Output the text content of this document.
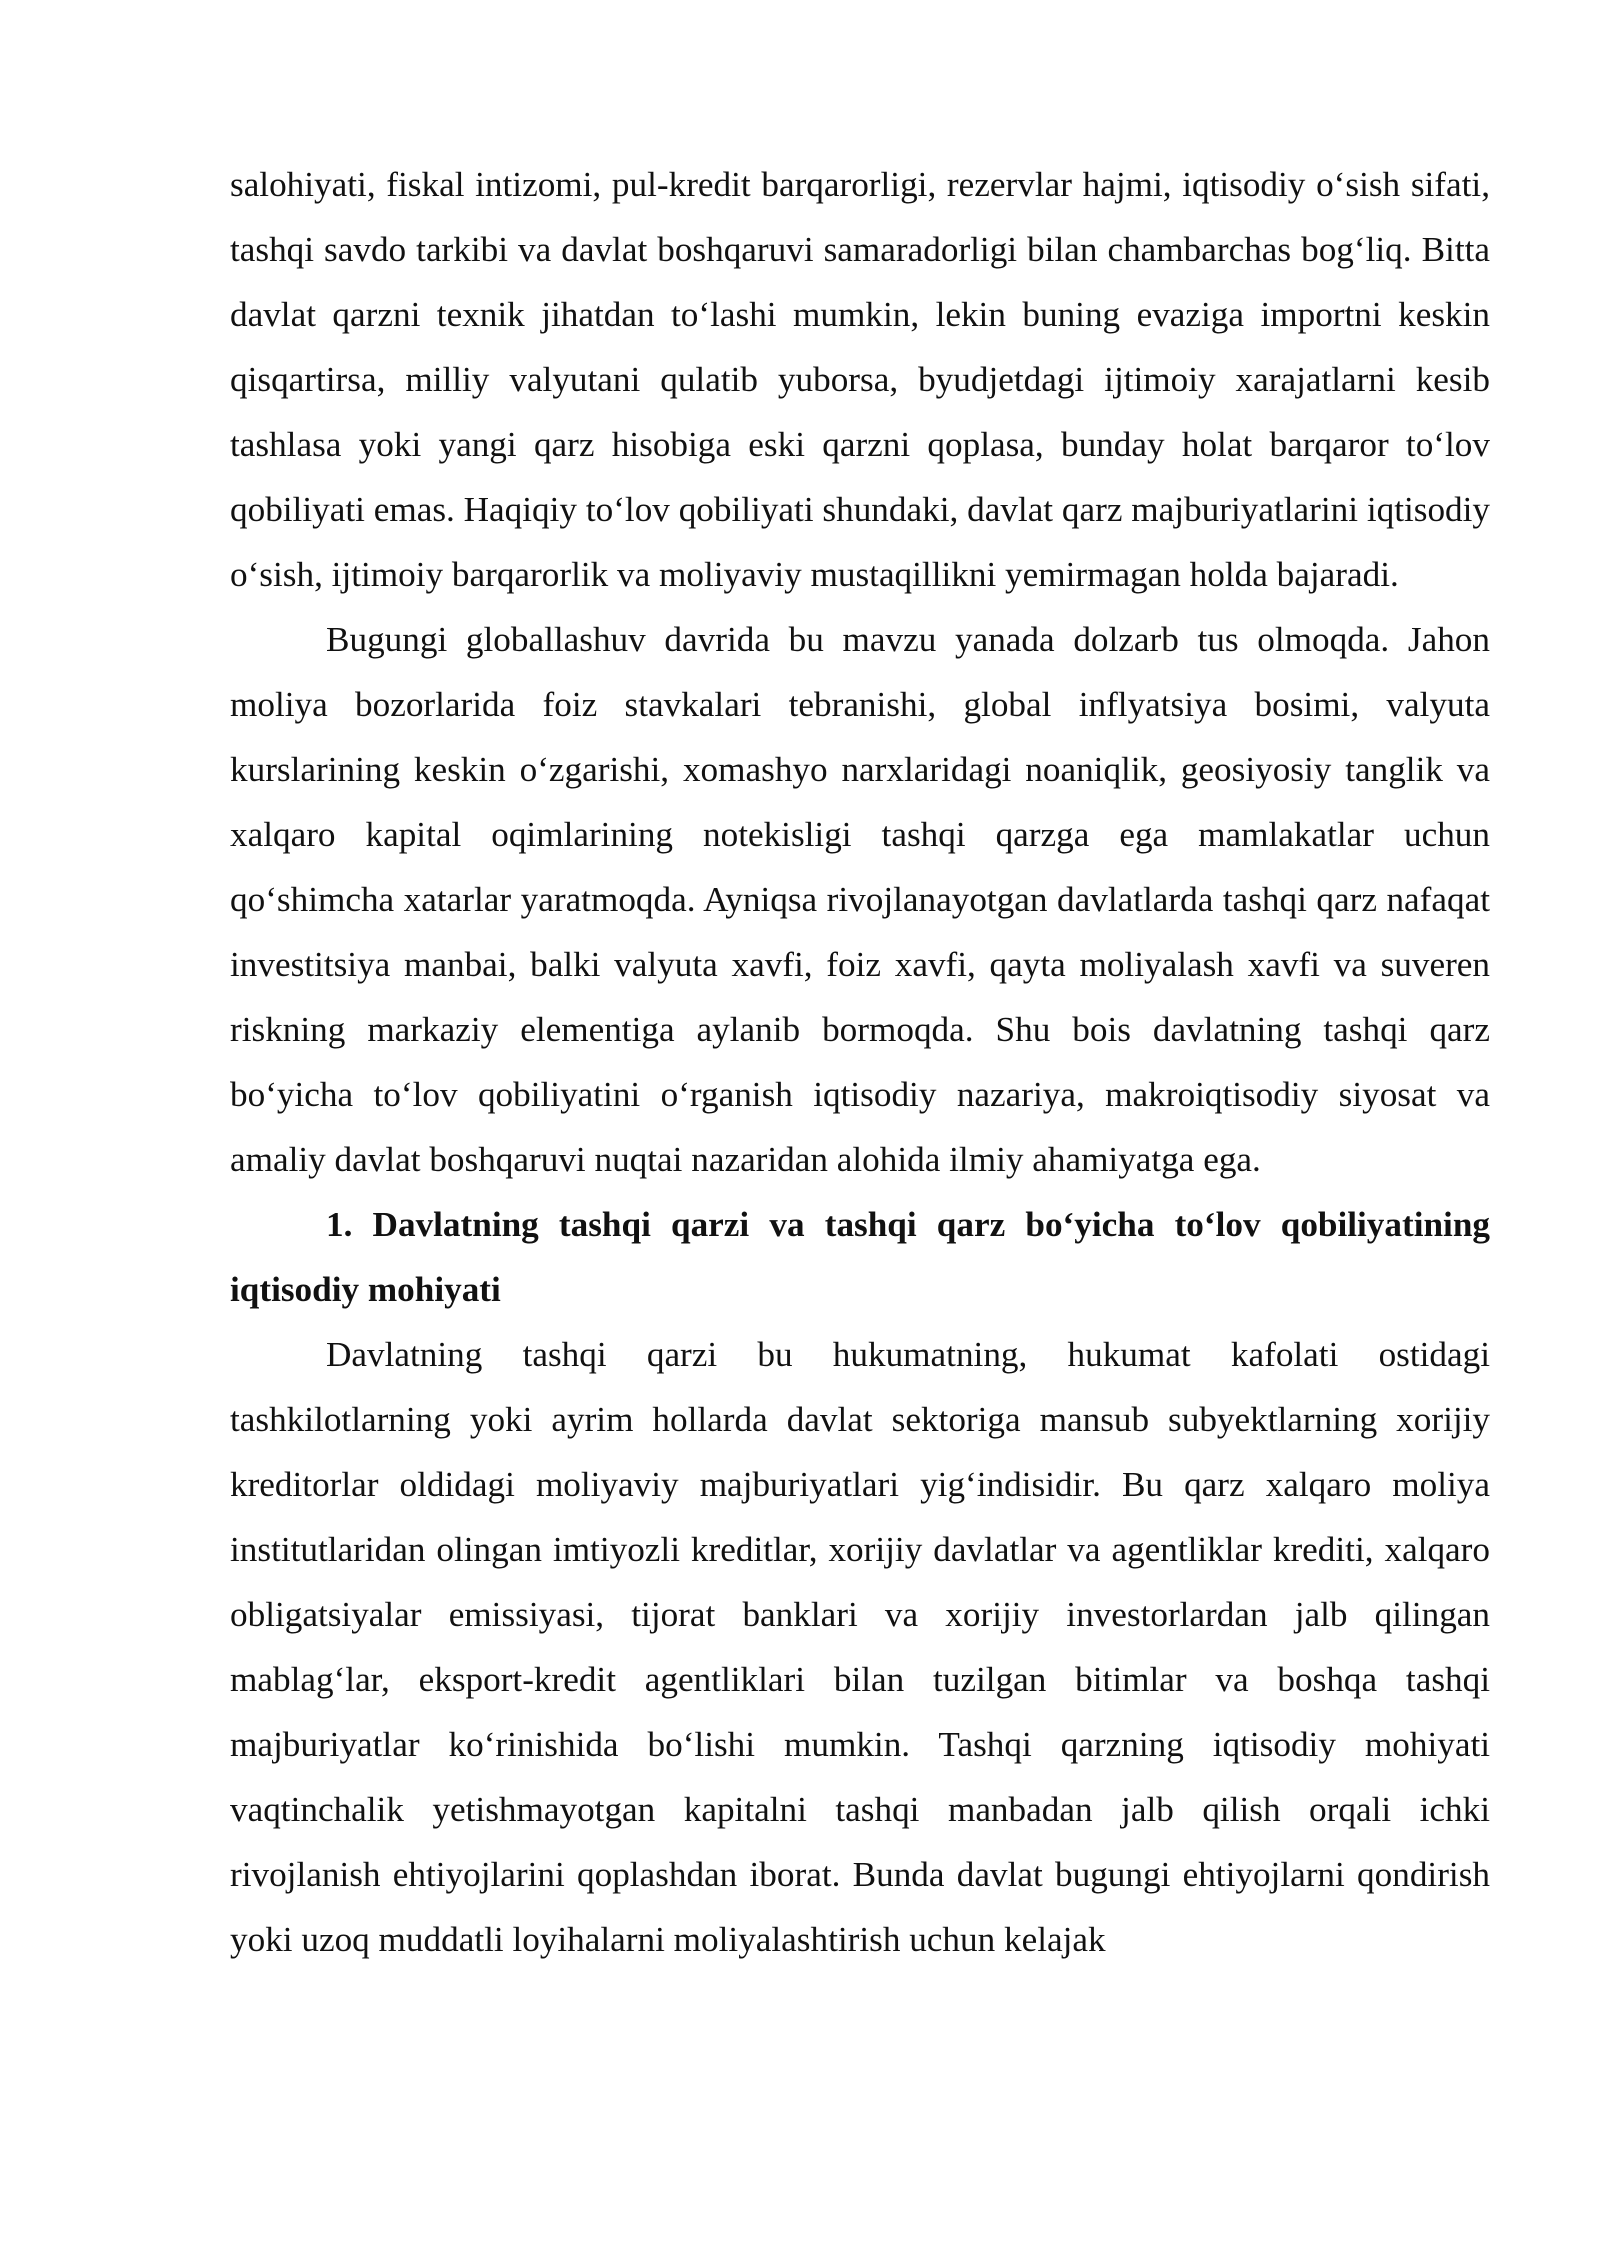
salohiyati, fiskal intizomi, pul-kredit barqarorligi, rezervlar hajmi, iqtisodiy o‘sish sifati, tashqi savdo tarkibi va davlat boshqaruvi samaradorligi bilan chambarchas bog‘liq. Bitta davlat qarzni texnik jihatdan to‘lashi mumkin, lekin buning evaziga importni keskin qisqartirsa, milliy valyutani qulatib yuborsa, byudjetdagi ijtimoiy xarajatlarni kesib tashlasa yoki yangi qarz hisobiga eski qarzni qoplasa, bunday holat barqaror to‘lov qobiliyati emas. Haqiqiy to‘lov qobiliyati shundaki, davlat qarz majburiyatlarini iqtisodiy o‘sish, ijtimoiy barqarorlik va moliyaviy mustaqillikni yemirmagan holda bajaradi.

Bugungi globallashuv davrida bu mavzu yanada dolzarb tus olmoqda. Jahon moliya bozorlarida foiz stavkalari tebranishi, global inflyatsiya bosimi, valyuta kurslarining keskin o‘zgarishi, xomashyo narxlaridagi noaniqlik, geosiyosiy tanglik va xalqaro kapital oqimlarining notekisligi tashqi qarzga ega mamlakatlar uchun qo‘shimcha xatarlar yaratmoqda. Ayniqsa rivojlanayotgan davlatlarda tashqi qarz nafaqat investitsiya manbai, balki valyuta xavfi, foiz xavfi, qayta moliyalash xavfi va suveren riskning markaziy elementiga aylanib bormoqda. Shu bois davlatning tashqi qarz bo‘yicha to‘lov qobiliyatini o‘rganish iqtisodiy nazariya, makroiqtisodiy siyosat va amaliy davlat boshqaruvi nuqtai nazaridan alohida ilmiy ahamiyatga ega.

1. Davlatning tashqi qarzi va tashqi qarz bo‘yicha to‘lov qobiliyatining iqtisodiy mohiyati

Davlatning tashqi qarzi bu hukumatning, hukumat kafolati ostidagi tashkilotlarning yoki ayrim hollarda davlat sektoriga mansub subyektlarning xorijiy kreditorlar oldidagi moliyaviy majburiyatlari yig‘indisidir. Bu qarz xalqaro moliya institutlaridan olingan imtiyozli kreditlar, xorijiy davlatlar va agentliklar krediti, xalqaro obligatsiyalar emissiyasi, tijorat banklari va xorijiy investorlardan jalb qilingan mablag‘lar, eksport-kredit agentliklari bilan tuzilgan bitimlar va boshqa tashqi majburiyatlar ko‘rinishida bo‘lishi mumkin. Tashqi qarzning iqtisodiy mohiyati vaqtinchalik yetishmayotgan kapitalni tashqi manbadan jalb qilish orqali ichki rivojlanish ehtiyojlarini qoplashdan iborat. Bunda davlat bugungi ehtiyojlarni qondirish yoki uzoq muddatli loyihalarni moliyalashtirish uchun kelajak
